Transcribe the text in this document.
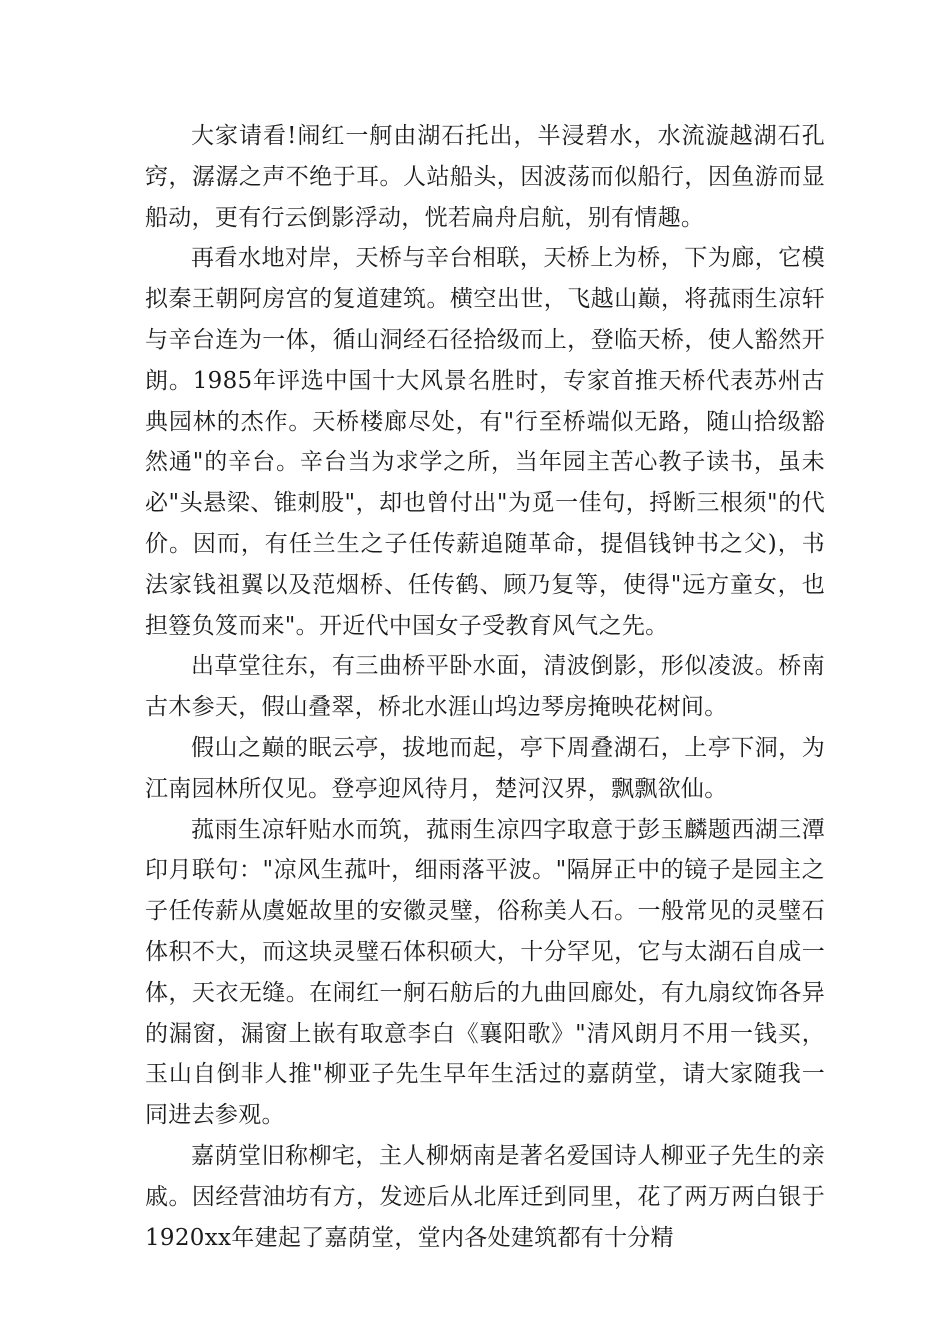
大家请看!闹红一舸由湖石托出，半浸碧水，水流漩越湖石孔窍，潺潺之声不绝于耳。人站船头，因波荡而似船行，因鱼游而显船动，更有行云倒影浮动，恍若扁舟启航，别有情趣。

再看水地对岸，天桥与辛台相联，天桥上为桥，下为廊，它模拟秦王朝阿房宫的复道建筑。横空出世，飞越山巅，将菰雨生凉轩与辛台连为一体，循山洞经石径拾级而上，登临天桥，使人豁然开朗。1985年评选中国十大风景名胜时，专家首推天桥代表苏州古典园林的杰作。天桥楼廊尽处，有"行至桥端似无路，随山拾级豁然通"的辛台。辛台当为求学之所，当年园主苦心教子读书，虽未必"头悬梁、锥刺股"，却也曾付出"为觅一佳句，捋断三根须"的代价。因而，有任兰生之子任传薪追随革命，提倡钱钟书之父)，书法家钱祖翼以及范烟桥、任传鹤、顾乃复等，使得"远方童女，也担簦负笈而来"。开近代中国女子受教育风气之先。

出草堂往东，有三曲桥平卧水面，清波倒影，形似凌波。桥南古木参天，假山叠翠，桥北水涯山坞边琴房掩映花树间。

假山之巅的眠云亭，拔地而起，亭下周叠湖石，上亭下洞，为江南园林所仅见。登亭迎风待月，楚河汉界，飘飘欲仙。

菰雨生凉轩贴水而筑，菰雨生凉四字取意于彭玉麟题西湖三潭印月联句："凉风生菰叶，细雨落平波。"隔屏正中的镜子是园主之子任传薪从虞姬故里的安徽灵璧，俗称美人石。一般常见的灵璧石体积不大，而这块灵璧石体积硕大，十分罕见，它与太湖石自成一体，天衣无缝。在闹红一舸石舫后的九曲回廊处，有九扇纹饰各异的漏窗，漏窗上嵌有取意李白《襄阳歌》"清风朗月不用一钱买，玉山自倒非人推"柳亚子先生早年生活过的嘉荫堂，请大家随我一同进去参观。

嘉荫堂旧称柳宅，主人柳炳南是著名爱国诗人柳亚子先生的亲戚。因经营油坊有方，发迹后从北厍迁到同里，花了两万两白银于1920xx年建起了嘉荫堂，堂内各处建筑都有十分精
